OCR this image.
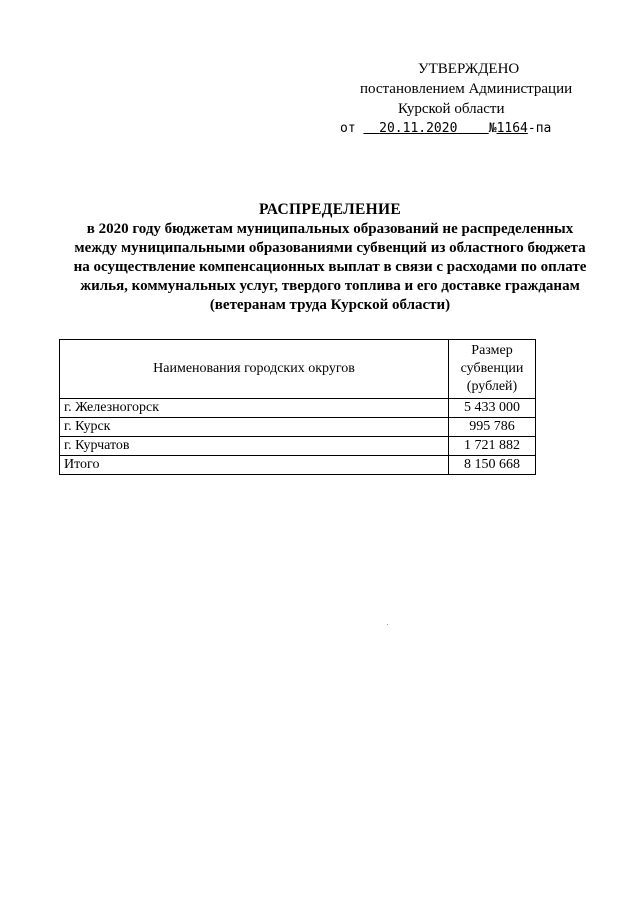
УТВЕРЖДЕНО
постановлением Администрации
Курской области
от 20.11.2020 №1164-па
РАСПРЕДЕЛЕНИЕ
в 2020 году бюджетам муниципальных образований не распределенных
между муниципальными образованиями субвенций из областного бюджета
на осуществление компенсационных выплат в связи с расходами по оплате
жилья, коммунальных услуг, твердого топлива и его доставке гражданам
(ветеранам труда Курской области)
Наименования городских округов	Размер
субвенции
(рублей)

г. Железногорск	5 433 000
г. Курск	995 786
г. Курчатов	1 721 882
Итого	8 150 668
